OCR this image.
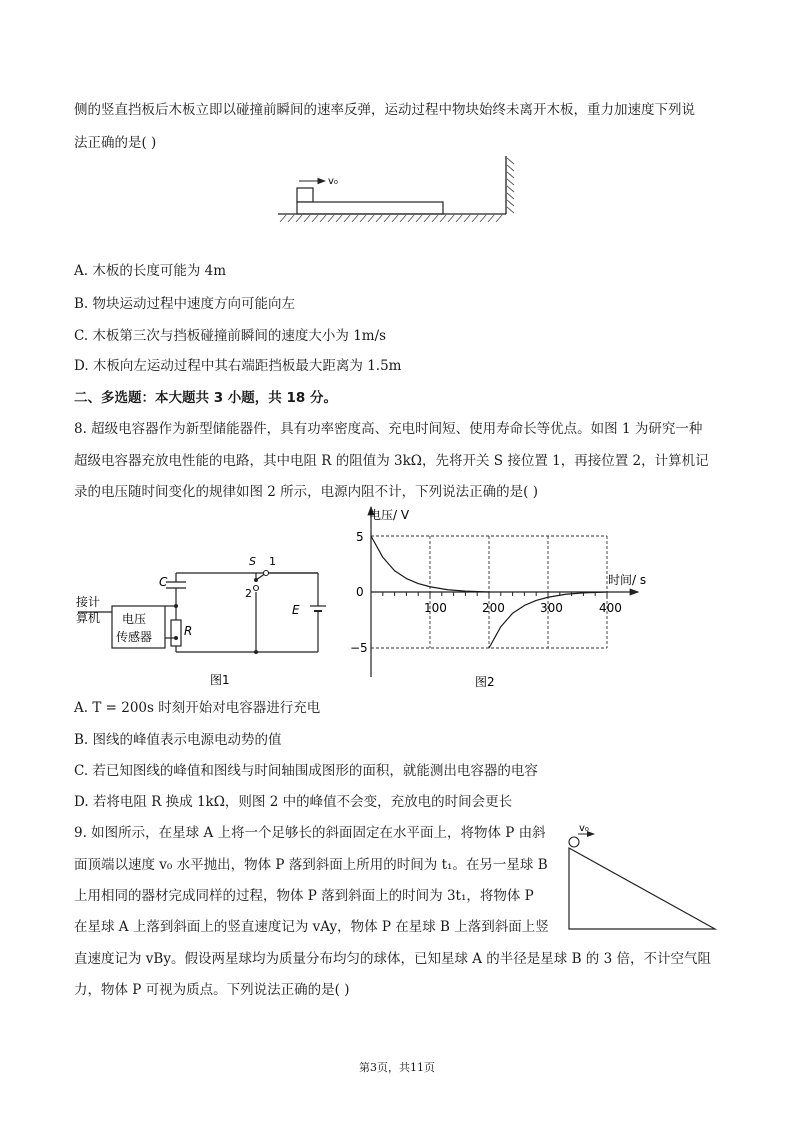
侧的竖直挡板后木板立即以碰撞前瞬间的速率反弹，运动过程中物块始终未离开木板，重力加速度下列说
法正确的是( )
v₀
A. 木板的长度可能为 4m
B. 物块运动过程中速度方向可能向左
C. 木板第三次与挡板碰撞前瞬间的速度大小为 1m/s
D. 木板向左运动过程中其右端距挡板最大距离为 1.5m
二、多选题：本大题共 3 小题，共 18 分。
8. 超级电容器作为新型储能器件，具有功率密度高、充电时间短、使用寿命长等优点。如图 1 为研究一种
超级电容器充放电性能的电路，其中电阻 R 的阻值为 3kΩ，先将开关 S 接位置 1，再接位置 2，计算机记
录的电压随时间变化的规律如图 2 所示，电源内阻不计，下列说法正确的是( )
C
R
S 1
2
E
接计
算机 电压
传感器
图1
电压/ V
时间/ s
5
0
−5
100	200	300	400
图2
A. T = 200s 时刻开始对电容器进行充电
B. 图线的峰值表示电源电动势的值
C. 若已知图线的峰值和图线与时间轴围成图形的面积，就能测出电容器的电容
D. 若将电阻 R 换成 1kΩ，则图 2 中的峰值不会变，充放电的时间会更长
9. 如图所示，在星球 A 上将一个足够长的斜面固定在水平面上，将物体 P 由斜
面顶端以速度 v₀ 水平抛出，物体 P 落到斜面上所用的时间为 t₁。在另一星球 B
上用相同的器材完成同样的过程，物体 P 落到斜面上的时间为 3t₁，将物体 P
在星球 A 上落到斜面上的竖直速度记为 vAy，物体 P 在星球 B 上落到斜面上竖
直速度记为 vBy。假设两星球均为质量分布均匀的球体，已知星球 A 的半径是星球 B 的 3 倍，不计空气阻
力，物体 P 可视为质点。下列说法正确的是( )
v₀
第3页，共11页
